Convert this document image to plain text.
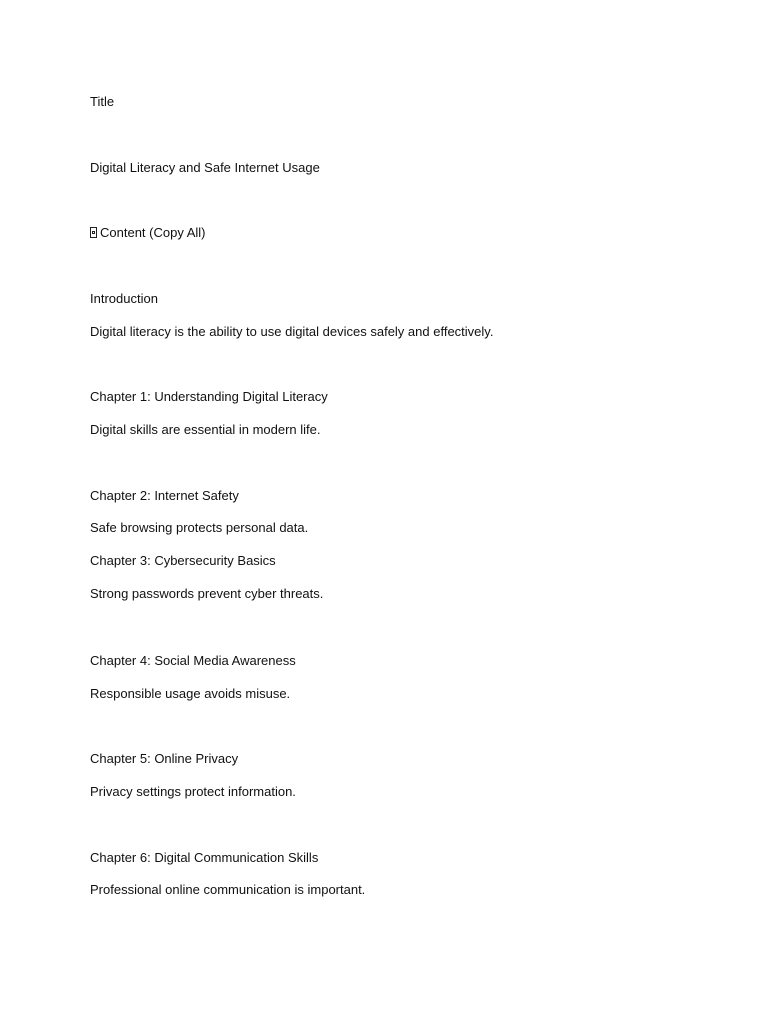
Title
Digital Literacy and Safe Internet Usage
Content (Copy All)
Introduction
Digital literacy is the ability to use digital devices safely and effectively.
Chapter 1: Understanding Digital Literacy
Digital skills are essential in modern life.
Chapter 2: Internet Safety
Safe browsing protects personal data.
Chapter 3: Cybersecurity Basics
Strong passwords prevent cyber threats.
Chapter 4: Social Media Awareness
Responsible usage avoids misuse.
Chapter 5: Online Privacy
Privacy settings protect information.
Chapter 6: Digital Communication Skills
Professional online communication is important.
